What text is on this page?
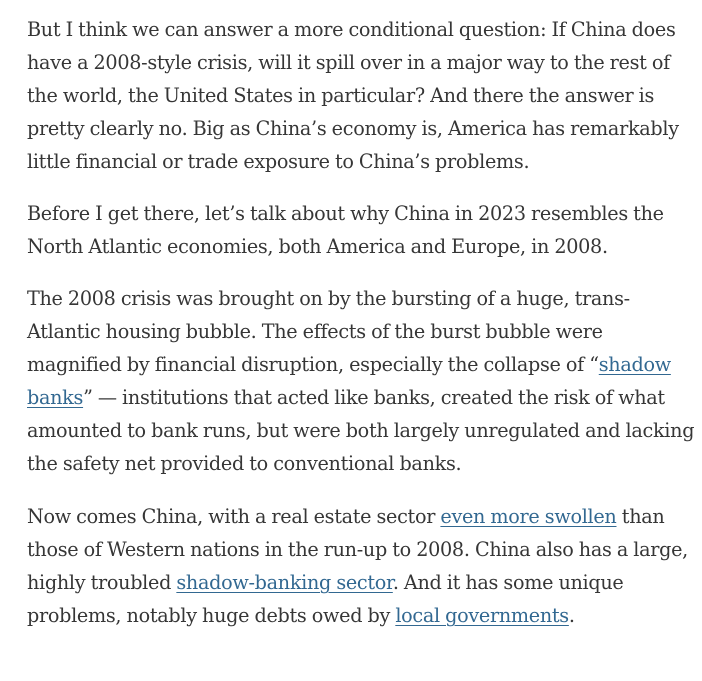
But I think we can answer a more conditional question: If China does have a 2008-style crisis, will it spill over in a major way to the rest of the world, the United States in particular? And there the answer is pretty clearly no. Big as China’s economy is, America has remarkably little financial or trade exposure to China’s problems.

Before I get there, let’s talk about why China in 2023 resembles the North Atlantic economies, both America and Europe, in 2008.

The 2008 crisis was brought on by the bursting of a huge, trans-Atlantic housing bubble. The effects of the burst bubble were magnified by financial disruption, especially the collapse of “shadow banks” — institutions that acted like banks, created the risk of what amounted to bank runs, but were both largely unregulated and lacking the safety net provided to conventional banks.

Now comes China, with a real estate sector even more swollen than those of Western nations in the run-up to 2008. China also has a large, highly troubled shadow-banking sector. And it has some unique problems, notably huge debts owed by local governments.
